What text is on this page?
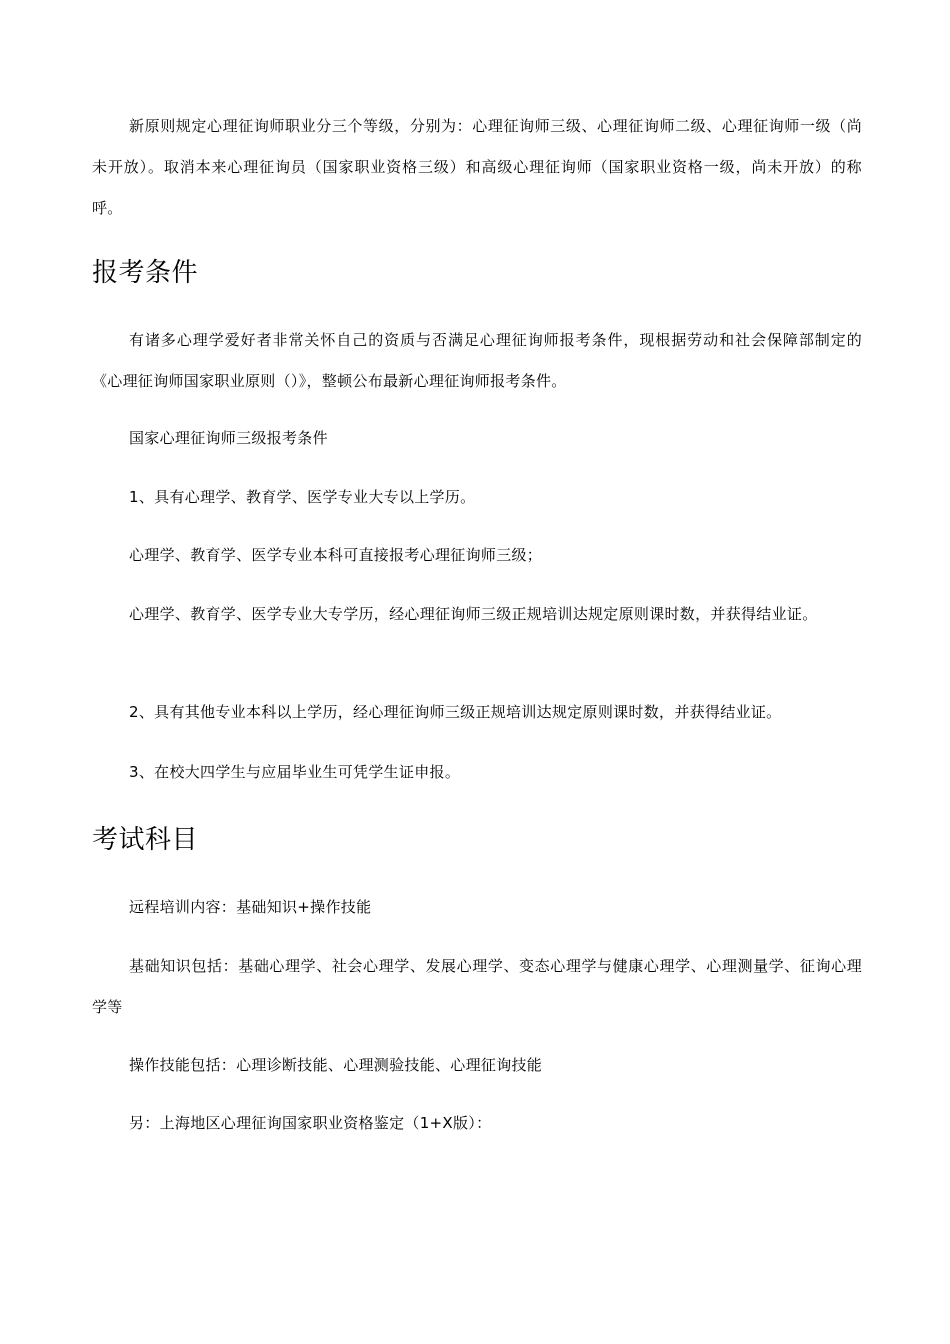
新原则规定心理征询师职业分三个等级，分别为：心理征询师三级、心理征询师二级、心理征询师一级（尚未开放）。取消本来心理征询员（国家职业资格三级）和高级心理征询师（国家职业资格一级，尚未开放）的称呼。

报考条件

有诸多心理学爱好者非常关怀自己的资质与否满足心理征询师报考条件，现根据劳动和社会保障部制定的《心理征询师国家职业原则（）》，整顿公布最新心理征询师报考条件。

国家心理征询师三级报考条件

1、具有心理学、教育学、医学专业大专以上学历。

心理学、教育学、医学专业本科可直接报考心理征询师三级；

心理学、教育学、医学专业大专学历，经心理征询师三级正规培训达规定原则课时数，并获得结业证。

2、具有其他专业本科以上学历，经心理征询师三级正规培训达规定原则课时数，并获得结业证。

3、在校大四学生与应届毕业生可凭学生证申报。

考试科目

远程培训内容：基础知识+操作技能

基础知识包括：基础心理学、社会心理学、发展心理学、变态心理学与健康心理学、心理测量学、征询心理学等

操作技能包括：心理诊断技能、心理测验技能、心理征询技能

另：上海地区心理征询国家职业资格鉴定（1+X版）：
